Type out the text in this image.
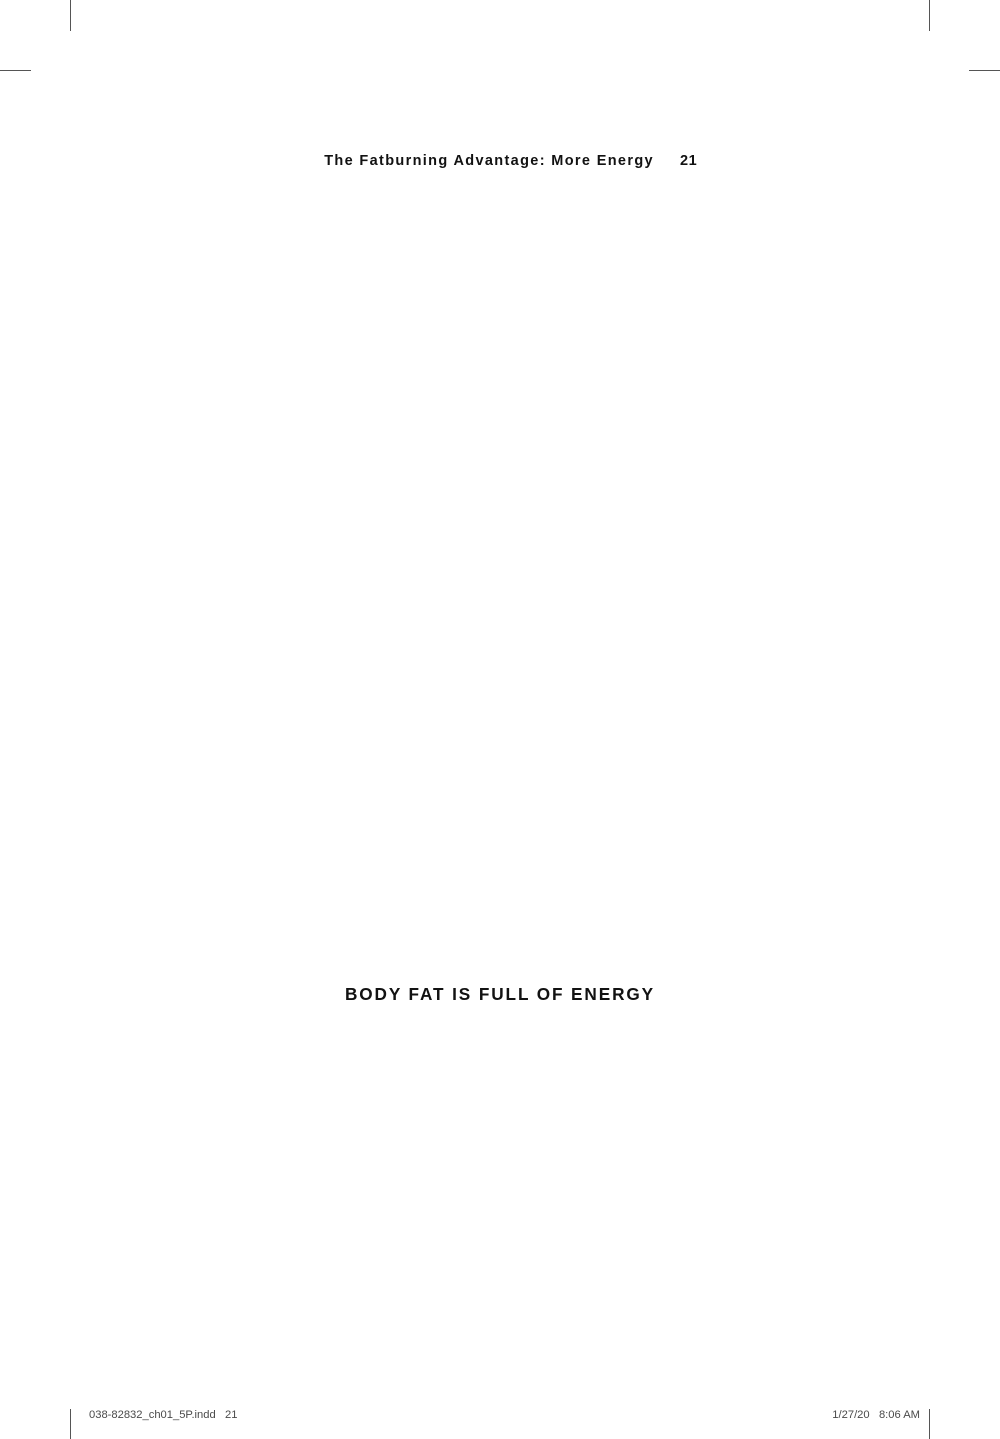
The Fatburning Advantage: More Energy 21

BODY FAT IS FULL OF ENERGY

038-82832_ch01_5P.indd   21	1/27/20   8:06 AM
